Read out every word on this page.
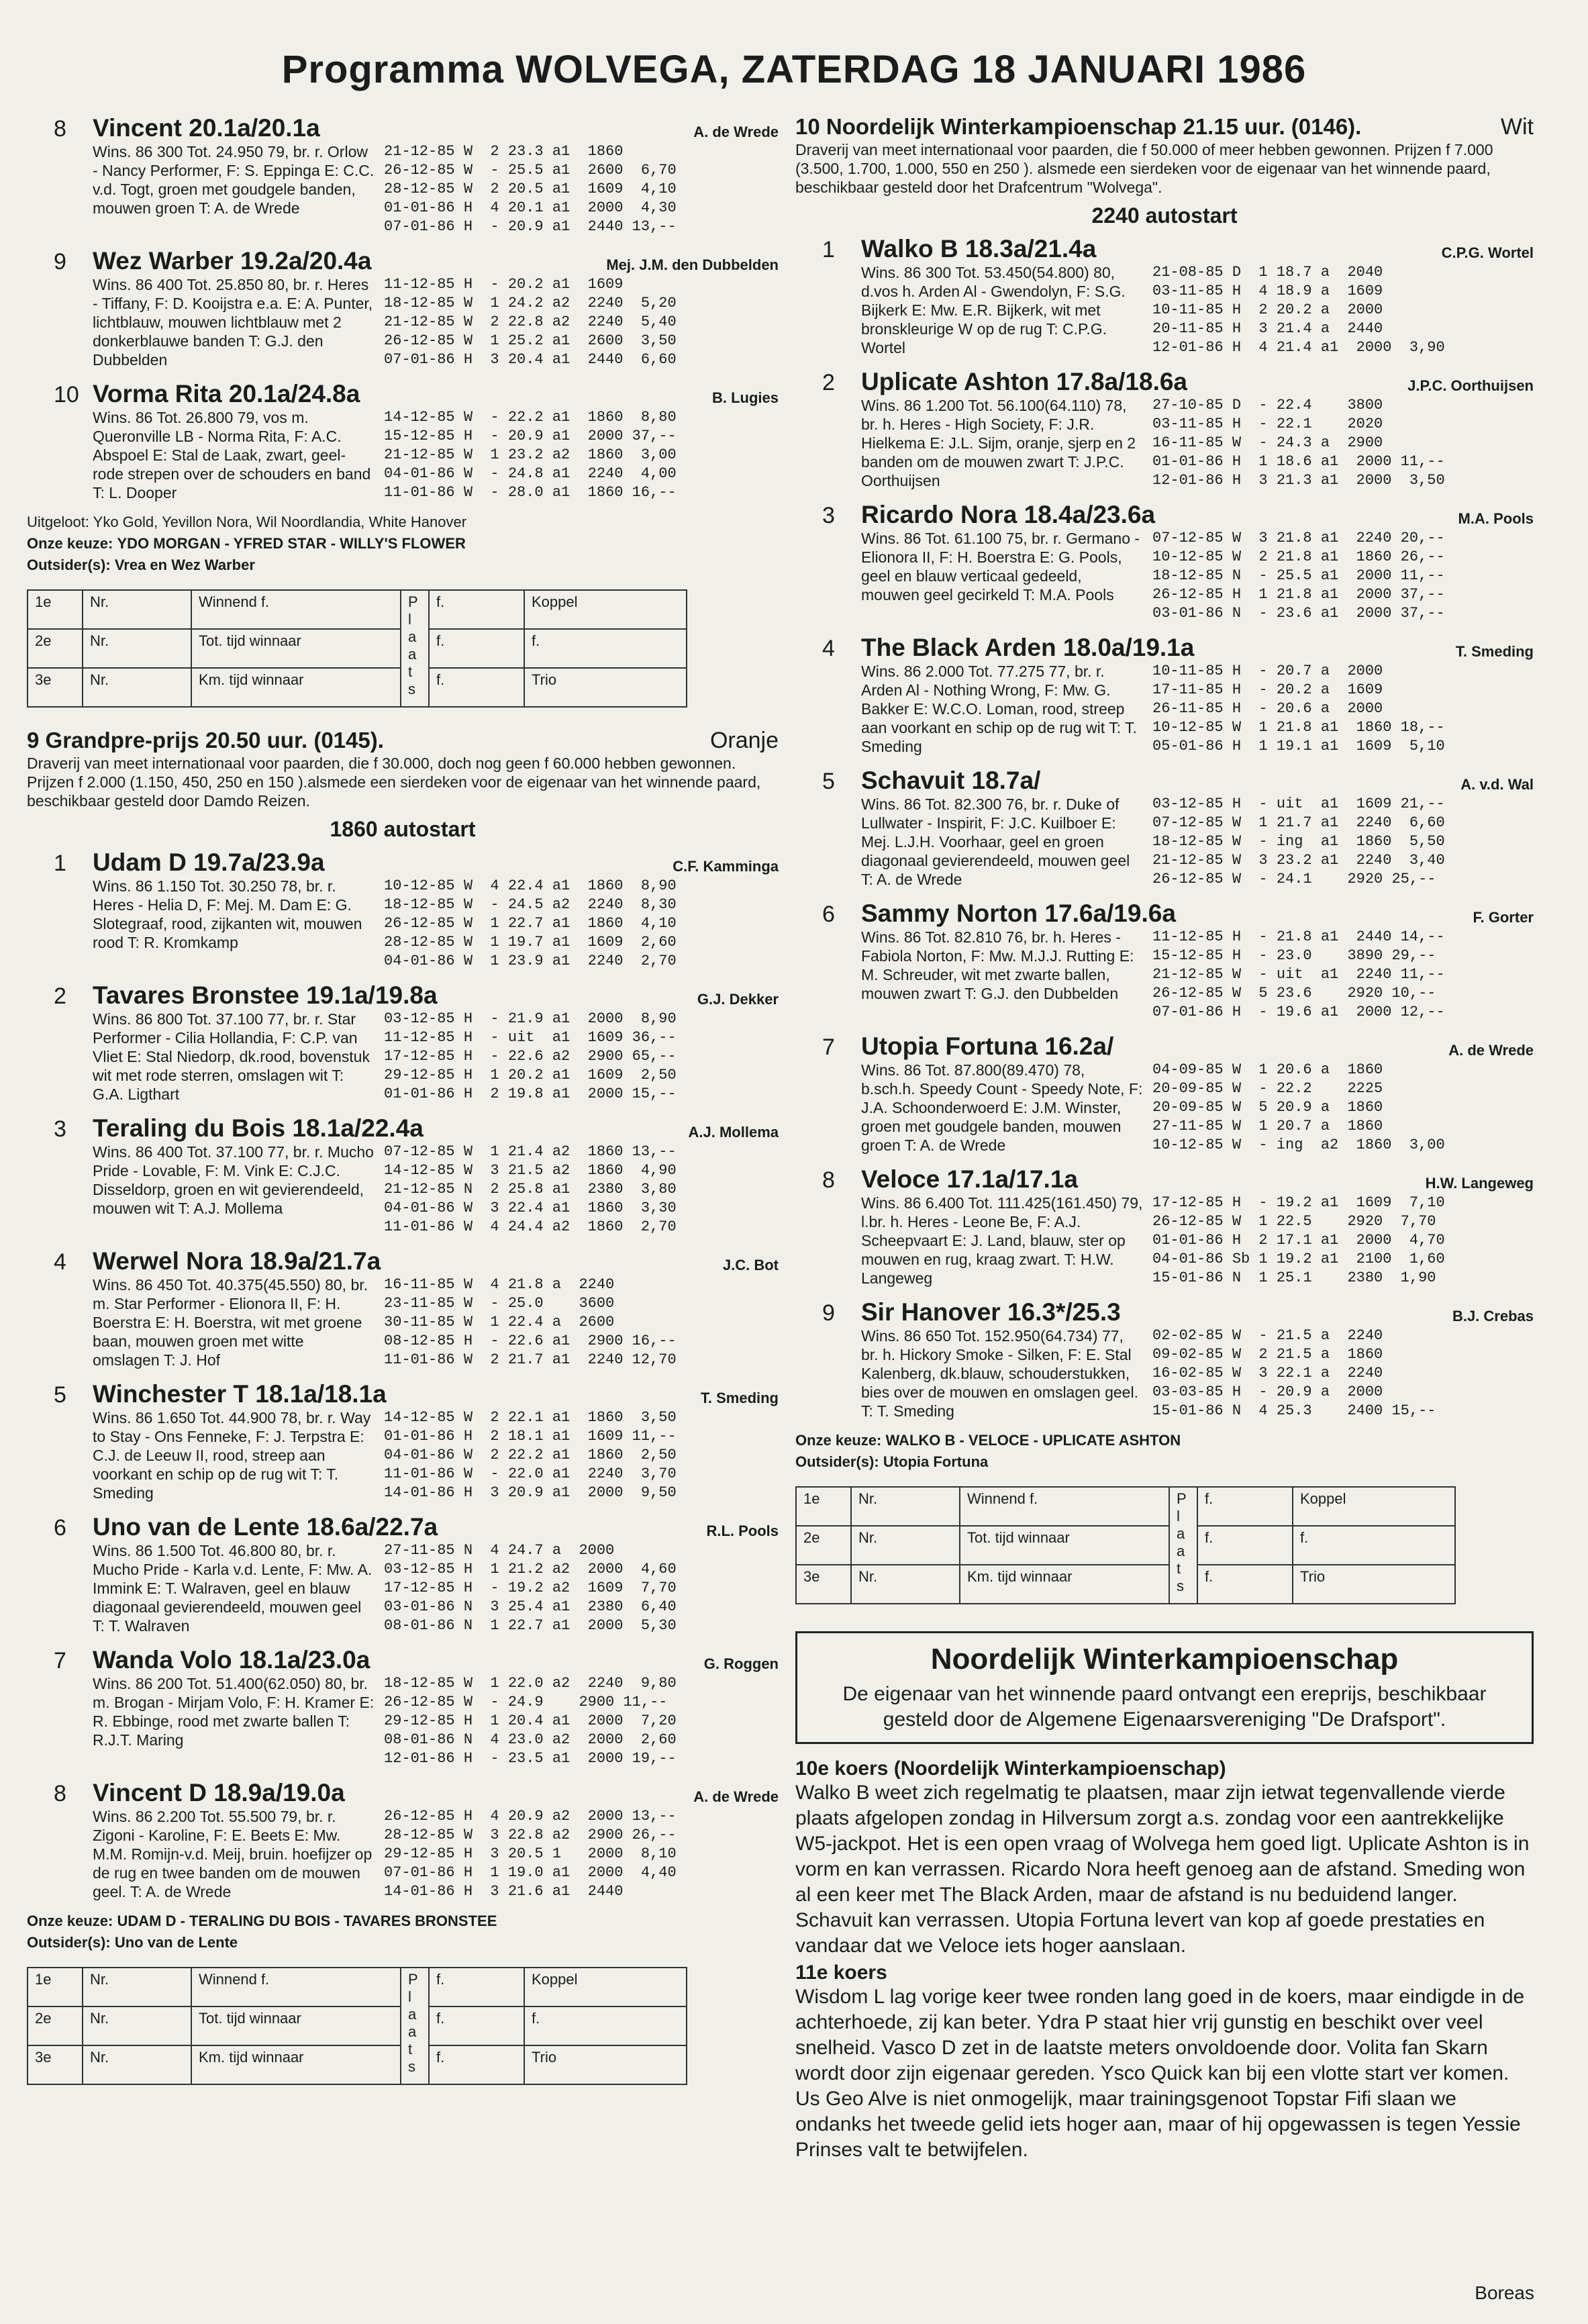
Programma WOLVEGA, ZATERDAG 18 JANUARI 1986
8	Vincent 20.1a/20.1a
Wins. 86 300 Tot. 24.950 79, br. r. Orlow - Nancy Performer, F: S. Eppinga E: C.C. v.d. Togt, groen met goudgele banden, mouwen groen T: A. de Wrede
A. de Wrede
21-12-85 W  2 23.3 a1  1860
26-12-85 W  - 25.5 a1  2600  6,70
28-12-85 W  2 20.5 a1  1609  4,10
01-01-86 H  4 20.1 a1  2000  4,30
07-01-86 H  - 20.9 a1  2440 13,--
9	Wez Warber 19.2a/20.4a
Wins. 86 400 Tot. 25.850 80, br. r. Heres - Tiffany, F: D. Kooijstra e.a. E: A. Punter, lichtblauw, mouwen lichtblauw met 2 donkerblauwe banden T: G.J. den Dubbelden
Mej. J.M. den Dubbelden
11-12-85 H  - 20.2 a1  1609
18-12-85 W  1 24.2 a2  2240  5,20
21-12-85 W  2 22.8 a2  2240  5,40
26-12-85 W  1 25.2 a1  2600  3,50
07-01-86 H  3 20.4 a1  2440  6,60
10 Vorma Rita 20.1a/24.8a
Wins. 86 Tot. 26.800 79, vos m. Queronville LB - Norma Rita, F: A.C. Abspoel E: Stal de Laak, zwart, geel-rode strepen over de schouders en band T: L. Dooper
B. Lugies
14-12-85 W  - 22.2 a1  1860  8,80
15-12-85 H  - 20.9 a1  2000 37,--
21-12-85 W  1 23.2 a2  1860  3,00
04-01-86 W  - 24.8 a1  2240  4,00
11-01-86 W  - 28.0 a1  1860 16,--
Uitgeloot: Yko Gold, Yevillon Nora, Wil Noordlandia, White Hanover
Onze keuze: YDO MORGAN - YFRED STAR - WILLY'S FLOWER
Outsider(s): Vrea en Wez Warber
1e	Nr.	Winnend f.	P l a a t s	f.	Koppel
2e	Nr.	Tot. tijd winnaar		f.	f.
3e	Nr.	Km. tijd winnaar		f.	Trio
9 Grandpre-prijs 20.50 uur. (0145).	Oranje
Draverij van meet internationaal voor paarden, die f 30.000, doch nog geen f 60.000 hebben gewonnen. Prijzen f 2.000 (1.150, 450, 250 en 150 ).alsmede een sierdeken voor de eigenaar van het winnende paard, beschikbaar gesteld door Damdo Reizen.
1860 autostart
1	Udam D 19.7a/23.9a
Wins. 86 1.150 Tot. 30.250 78, br. r. Heres - Helia D, F: Mej. M. Dam E: G. Slotegraaf, rood, zijkanten wit, mouwen rood T: R. Kromkamp
C.F. Kamminga
10-12-85 W  4 22.4 a1  1860  8,90
18-12-85 W  - 24.5 a2  2240  8,30
26-12-85 W  1 22.7 a1  1860  4,10
28-12-85 W  1 19.7 a1  1609  2,60
04-01-86 W  1 23.9 a1  2240  2,70
2	Tavares Bronstee 19.1a/19.8a
Wins. 86 800 Tot. 37.100 77, br. r. Star Performer - Cilia Hollandia, F: C.P. van Vliet E: Stal Niedorp, dk.rood, bovenstuk wit met rode sterren, omslagen wit T: G.A. Ligthart
G.J. Dekker
03-12-85 H  - 21.9 a1  2000  8,90
11-12-85 H  - uit  a1  1609 36,--
17-12-85 H  - 22.6 a2  2900 65,--
29-12-85 H  1 20.2 a1  1609  2,50
01-01-86 H  2 19.8 a1  2000 15,--
3	Teraling du Bois 18.1a/22.4a
Wins. 86 400 Tot. 37.100 77, br. r. Mucho Pride - Lovable, F: M. Vink E: C.J.C. Disseldorp, groen en wit gevierendeeld, mouwen wit T: A.J. Mollema
A.J. Mollema
07-12-85 W  1 21.4 a2  1860 13,--
14-12-85 W  3 21.5 a2  1860  4,90
21-12-85 N  2 25.8 a1  2380  3,80
04-01-86 W  3 22.4 a1  1860  3,30
11-01-86 W  4 24.4 a2  1860  2,70
4	Werwel Nora 18.9a/21.7a
Wins. 86 450 Tot. 40.375(45.550) 80, br. m. Star Performer - Elionora II, F: H. Boerstra E: H. Boerstra, wit met groene baan, mouwen groen met witte omslagen T: J. Hof
J.C. Bot
16-11-85 W  4 21.8 a  2240
23-11-85 W  - 25.0    3600
30-11-85 W  1 22.4 a  2600
08-12-85 H  - 22.6 a1  2900 16,--
11-01-86 W  2 21.7 a1  2240 12,70
5	Winchester T 18.1a/18.1a
Wins. 86 1.650 Tot. 44.900 78, br. r. Way to Stay - Ons Fenneke, F: J. Terpstra E: C.J. de Leeuw II, rood, streep aan voorkant en schip op de rug wit T: T. Smeding
T. Smeding
14-12-85 W  2 22.1 a1  1860  3,50
01-01-86 H  2 18.1 a1  1609 11,--
04-01-86 W  2 22.2 a1  1860  2,50
11-01-86 W  - 22.0 a1  2240  3,70
14-01-86 H  3 20.9 a1  2000  9,50
6	Uno van de Lente 18.6a/22.7a
Wins. 86 1.500 Tot. 46.800 80, br. r. Mucho Pride - Karla v.d. Lente, F: Mw. A. Immink E: T. Walraven, geel en blauw diagonaal gevierendeeld, mouwen geel T: T. Walraven
R.L. Pools
27-11-85 N  4 24.7 a  2000
03-12-85 H  1 21.2 a2  2000  4,60
17-12-85 H  - 19.2 a2  1609  7,70
03-01-86 N  3 25.4 a1  2380  6,40
08-01-86 N  1 22.7 a1  2000  5,30
7	Wanda Volo 18.1a/23.0a
Wins. 86 200 Tot. 51.400(62.050) 80, br. m. Brogan - Mirjam Volo, F: H. Kramer E: R. Ebbinge, rood met zwarte ballen T: R.J.T. Maring
G. Roggen
18-12-85 W  1 22.0 a2  2240  9,80
26-12-85 W  - 24.9    2900 11,--
29-12-85 H  1 20.4 a1  2000  7,20
08-01-86 N  4 23.0 a2  2000  2,60
12-01-86 H  - 23.5 a1  2000 19,--
8	Vincent D 18.9a/19.0a
Wins. 86 2.200 Tot. 55.500 79, br. r. Zigoni - Karoline, F: E. Beets E: Mw. M.M. Romijn-v.d. Meij, bruin. hoefijzer op de rug en twee banden om de mouwen geel. T: A. de Wrede
A. de Wrede
26-12-85 H  4 20.9 a2  2000 13,--
28-12-85 W  3 22.8 a2  2900 26,--
29-12-85 H  3 20.5 1   2000  8,10
07-01-86 H  1 19.0 a1  2000  4,40
14-01-86 H  3 21.6 a1  2440
Onze keuze: UDAM D - TERALING DU BOIS - TAVARES BRONSTEE
Outsider(s): Uno van de Lente
1e	Nr.	Winnend f.	P l a a t s	f.	Koppel
2e	Nr.	Tot. tijd winnaar		f.	f.
3e	Nr.	Km. tijd winnaar		f.	Trio
10 Noordelijk Winterkampioenschap 21.15 uur. (0146).	Wit
Draverij van meet internationaal voor paarden, die f 50.000 of meer hebben gewonnen. Prijzen f 7.000 (3.500, 1.700, 1.000, 550 en 250 ). alsmede een sierdeken voor de eigenaar van het winnende paard, beschikbaar gesteld door het Drafcentrum "Wolvega".
2240 autostart
1	Walko B 18.3a/21.4a
Wins. 86 300 Tot. 53.450(54.800) 80, d.vos h. Arden Al - Gwendolyn, F: S.G. Bijkerk E: Mw. E.R. Bijkerk, wit met bronskleurige W op de rug T: C.P.G. Wortel
C.P.G. Wortel
21-08-85 D  1 18.7 a  2040
03-11-85 H  4 18.9 a  1609
10-11-85 H  2 20.2 a  2000
20-11-85 H  3 21.4 a  2440
12-01-86 H  4 21.4 a1  2000  3,90
2	Uplicate Ashton 17.8a/18.6a
Wins. 86 1.200 Tot. 56.100(64.110) 78, br. h. Heres - High Society, F: J.R. Hielkema E: J.L. Sijm, oranje, sjerp en 2 banden om de mouwen zwart T: J.P.C. Oorthuijsen
J.P.C. Oorthuijsen
27-10-85 D  - 22.4    3800
03-11-85 H  - 22.1    2020
16-11-85 W  - 24.3 a  2900
01-01-86 H  1 18.6 a1  2000 11,--
12-01-86 H  3 21.3 a1  2000  3,50
3	Ricardo Nora 18.4a/23.6a
Wins. 86 Tot. 61.100 75, br. r. Germano - Elionora II, F: H. Boerstra E: G. Pools, geel en blauw verticaal gedeeld, mouwen geel gecirkeld T: M.A. Pools
M.A. Pools
07-12-85 W  3 21.8 a1  2240 20,--
10-12-85 W  2 21.8 a1  1860 26,--
18-12-85 N  - 25.5 a1  2000 11,--
26-12-85 H  1 21.8 a1  2000 37,--
03-01-86 N  - 23.6 a1  2000 37,--
4	The Black Arden 18.0a/19.1a
Wins. 86 2.000 Tot. 77.275 77, br. r. Arden Al - Nothing Wrong, F: Mw. G. Bakker E: W.C.O. Loman, rood, streep aan voorkant en schip op de rug wit T: T. Smeding
T. Smeding
10-11-85 H  - 20.7 a  2000
17-11-85 H  - 20.2 a  1609
26-11-85 H  - 20.6 a  2000
10-12-85 W  1 21.8 a1  1860 18,--
05-01-86 H  1 19.1 a1  1609  5,10
5	Schavuit 18.7a/
Wins. 86 Tot. 82.300 76, br. r. Duke of Lullwater - Inspirit, F: J.C. Kuilboer E: Mej. L.J.H. Voorhaar, geel en groen diagonaal gevierendeeld, mouwen geel T: A. de Wrede
A. v.d. Wal
03-12-85 H  - uit  a1  1609 21,--
07-12-85 W  1 21.7 a1  2240  6,60
18-12-85 W  - ing  a1  1860  5,50
21-12-85 W  3 23.2 a1  2240  3,40
26-12-85 W  - 24.1    2920 25,--
6	Sammy Norton 17.6a/19.6a
Wins. 86 Tot. 82.810 76, br. h. Heres - Fabiola Norton, F: Mw. M.J.J. Rutting E: M. Schreuder, wit met zwarte ballen, mouwen zwart T: G.J. den Dubbelden
F. Gorter
11-12-85 H  - 21.8 a1  2440 14,--
15-12-85 H  - 23.0    3890 29,--
21-12-85 W  - uit  a1  2240 11,--
26-12-85 W  5 23.6    2920 10,--
07-01-86 H  - 19.6 a1  2000 12,--
7	Utopia Fortuna 16.2a/
Wins. 86 Tot. 87.800(89.470) 78, b.sch.h. Speedy Count - Speedy Note, F: J.A. Schoonderwoerd E: J.M. Winster, groen met goudgele banden, mouwen groen T: A. de Wrede
A. de Wrede
04-09-85 W  1 20.6 a  1860
20-09-85 W  - 22.2    2225
20-09-85 W  5 20.9 a  1860
27-11-85 W  1 20.7 a  1860
10-12-85 W  - ing  a2  1860  3,00
8	Veloce 17.1a/17.1a
Wins. 86 6.400 Tot. 111.425(161.450) 79, l.br. h. Heres - Leone Be, F: A.J. Scheepvaart E: J. Land, blauw, ster op mouwen en rug, kraag zwart. T: H.W. Langeweg
H.W. Langeweg
17-12-85 H  - 19.2 a1  1609  7,10
26-12-85 W  1 22.5    2920  7,70
01-01-86 H  2 17.1 a1  2000  4,70
04-01-86 Sb 1 19.2 a1  2100  1,60
15-01-86 N  1 25.1    2380  1,90
9	Sir Hanover 16.3*/25.3
Wins. 86 650 Tot. 152.950(64.734) 77, br. h. Hickory Smoke - Silken, F: E. Stal Kalenberg, dk.blauw, schouderstukken, bies over de mouwen en omslagen geel. T: T. Smeding
B.J. Crebas
02-02-85 W  - 21.5 a  2240
09-02-85 W  2 21.5 a  1860
16-02-85 W  3 22.1 a  2240
03-03-85 H  - 20.9 a  2000
15-01-86 N  4 25.3    2400 15,--
Onze keuze: WALKO B - VELOCE - UPLICATE ASHTON
Outsider(s): Utopia Fortuna
1e	Nr.	Winnend f.	P l a a t s	f.	Koppel
2e	Nr.	Tot. tijd winnaar		f.	f.
3e	Nr.	Km. tijd winnaar		f.	Trio
Noordelijk Winterkampioenschap

De eigenaar van het winnende paard ontvangt een ereprijs, beschikbaar gesteld door de Algemene Eigenaarsvereniging "De Drafsport".

10e koers (Noordelijk Winterkampioenschap)
Walko B weet zich regelmatig te plaatsen, maar zijn ietwat tegenvallende vierde plaats afgelopen zondag in Hilversum zorgt a.s. zondag voor een aantrekkelijke W5-jackpot. Het is een open vraag of Wolvega hem goed ligt. Uplicate Ashton is in vorm en kan verrassen. Ricardo Nora heeft genoeg aan de afstand. Smeding won al een keer met The Black Arden, maar de afstand is nu beduidend langer. Schavuit kan verrassen. Utopia Fortuna levert van kop af goede prestaties en vandaar dat we Veloce iets hoger aanslaan.
11e koers
Wisdom L lag vorige keer twee ronden lang goed in de koers, maar eindigde in de achterhoede, zij kan beter. Ydra P staat hier vrij gunstig en beschikt over veel snelheid. Vasco D zet in de laatste meters onvoldoende door. Volita fan Skarn wordt door zijn eigenaar gereden. Ysco Quick kan bij een vlotte start ver komen. Us Geo Alve is niet onmogelijk, maar trainingsgenoot Topstar Fifi slaan we ondanks het tweede gelid iets hoger aan, maar of hij opgewassen is tegen Yessie Prinses valt te betwijfelen.
Boreas
